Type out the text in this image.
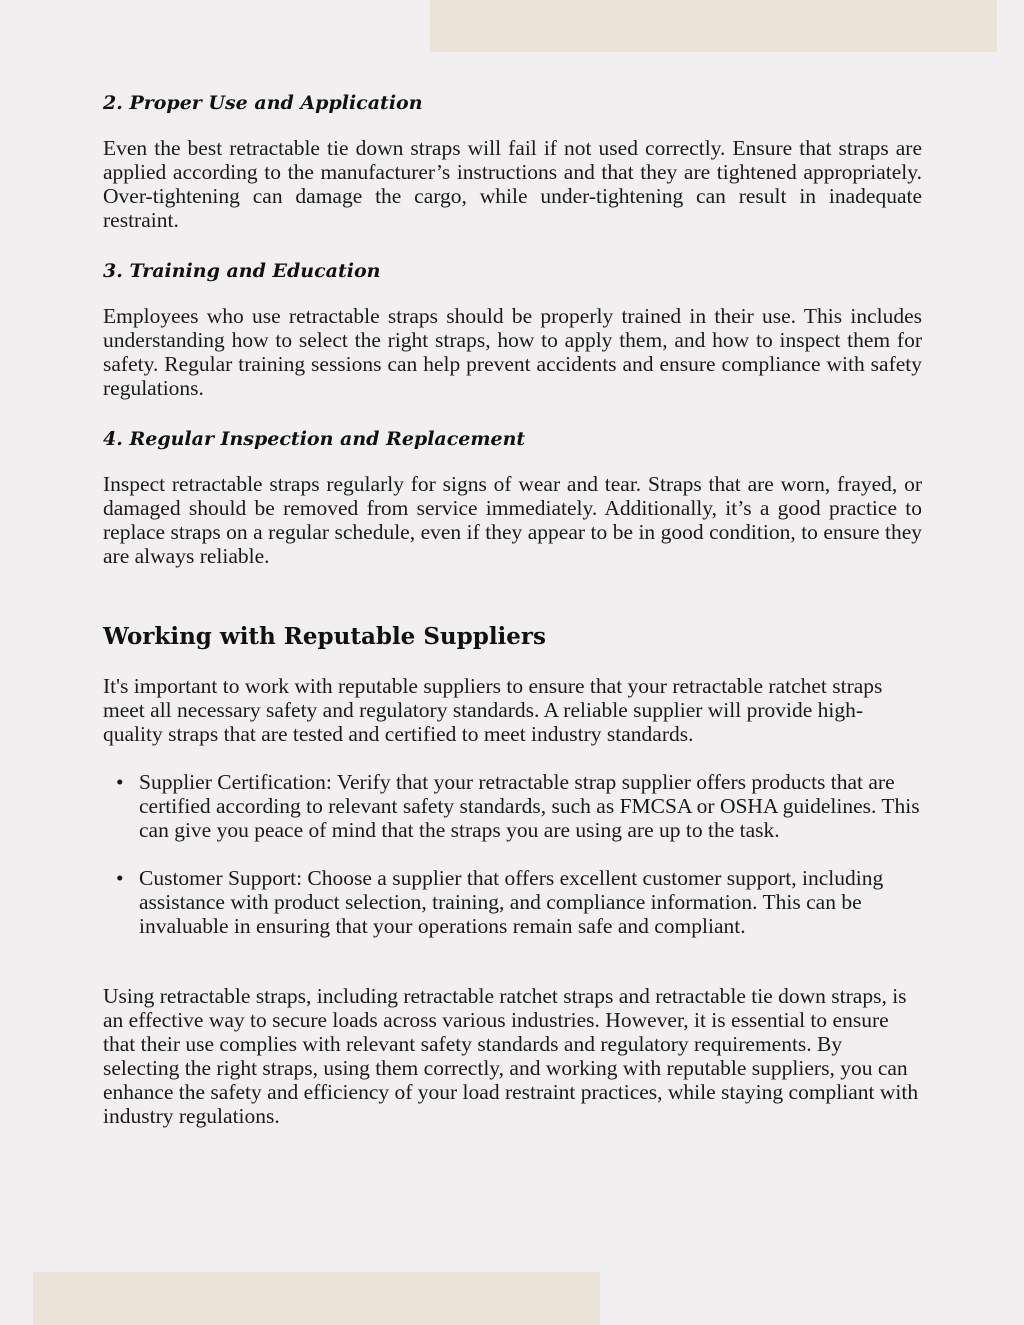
2. Proper Use and Application

Even the best retractable tie down straps will fail if not used correctly. Ensure that straps are applied according to the manufacturer’s instructions and that they are tightened appropriately. Over-tightening can damage the cargo, while under-tightening can result in inadequate restraint.

3. Training and Education

Employees who use retractable straps should be properly trained in their use. This includes understanding how to select the right straps, how to apply them, and how to inspect them for safety. Regular training sessions can help prevent accidents and ensure compliance with safety regulations.

4. Regular Inspection and Replacement

Inspect retractable straps regularly for signs of wear and tear. Straps that are worn, frayed, or damaged should be removed from service immediately. Additionally, it’s a good practice to replace straps on a regular schedule, even if they appear to be in good condition, to ensure they are always reliable.

Working with Reputable Suppliers

It's important to work with reputable suppliers to ensure that your retractable ratchet straps meet all necessary safety and regulatory standards. A reliable supplier will provide high-quality straps that are tested and certified to meet industry standards.

• Supplier Certification: Verify that your retractable strap supplier offers products that are certified according to relevant safety standards, such as FMCSA or OSHA guidelines. This can give you peace of mind that the straps you are using are up to the task.
• Customer Support: Choose a supplier that offers excellent customer support, including assistance with product selection, training, and compliance information. This can be invaluable in ensuring that your operations remain safe and compliant.

Using retractable straps, including retractable ratchet straps and retractable tie down straps, is an effective way to secure loads across various industries. However, it is essential to ensure that their use complies with relevant safety standards and regulatory requirements. By selecting the right straps, using them correctly, and working with reputable suppliers, you can enhance the safety and efficiency of your load restraint practices, while staying compliant with industry regulations.
